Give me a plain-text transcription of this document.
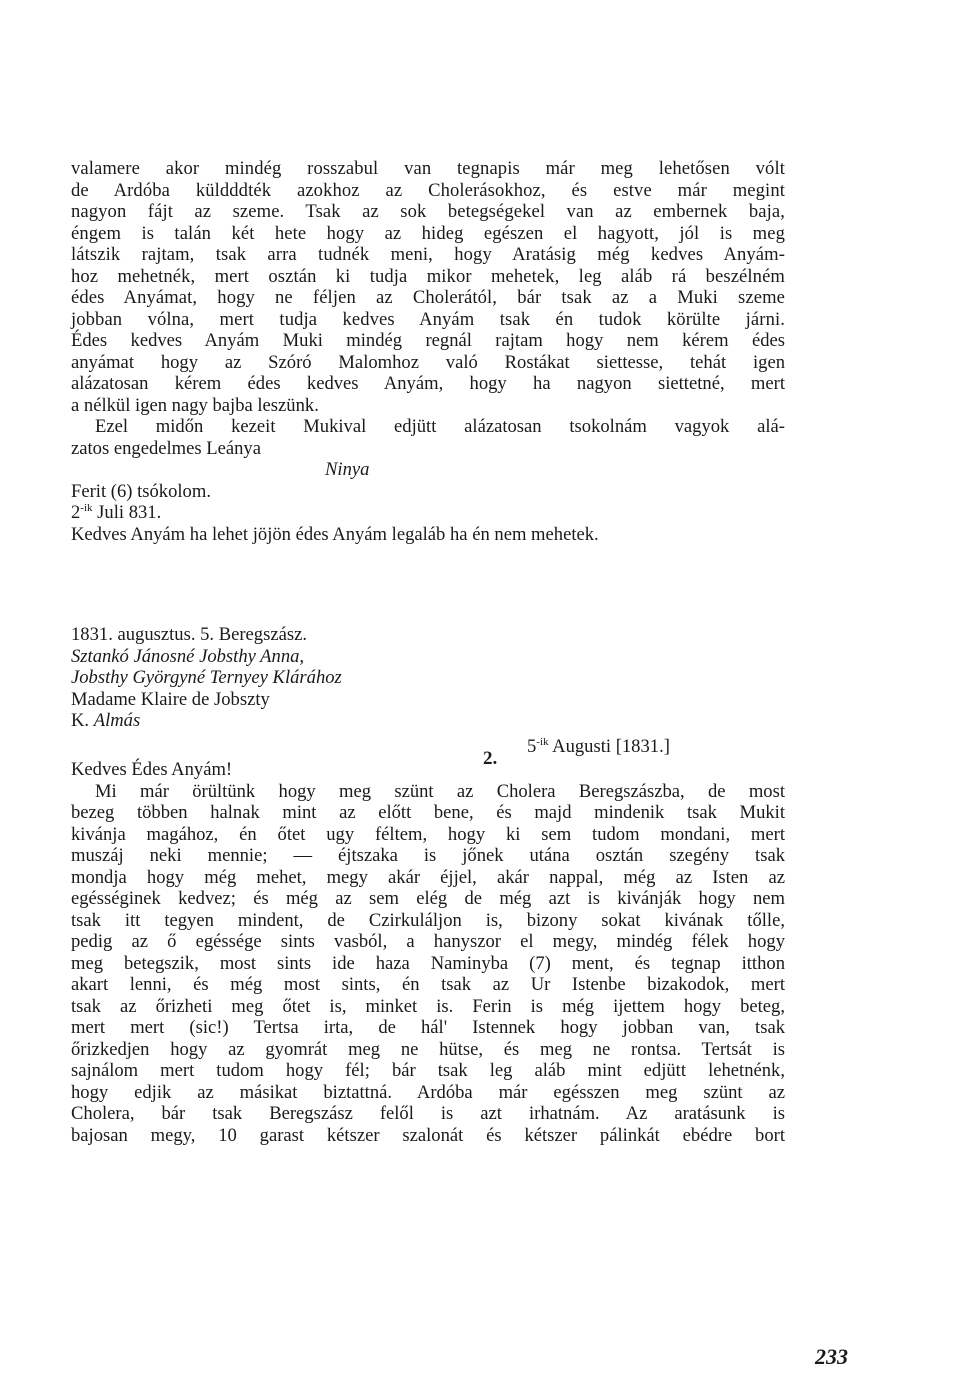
valamere akor mindég rosszabul van tegnapis már meg lehetősen vólt
de Ardóba küldddték azokhoz az Cholerásokhoz, és estve már megint
nagyon fájt az szeme. Tsak az sok betegségekel van az embernek baja,
éngem is talán két hete hogy az hideg egészen el hagyott, jól is meg
látszik rajtam, tsak arra tudnék meni, hogy Aratásig még kedves Anyám-
hoz mehetnék, mert osztán ki tudja mikor mehetek, leg aláb rá beszélném
édes Anyámat, hogy ne féljen az Cholerától, bár tsak az a Muki szeme
jobban vólna, mert tudja kedves Anyám tsak én tudok körülte járni.
Édes kedves Anyám Muki mindég regnál rajtam hogy nem kérem édes
anyámat hogy az Szóró Malomhoz való Rostákat siettesse, tehát igen
alázatosan kérem édes kedves Anyám, hogy ha nagyon siettetné, mert
a nélkül igen nagy bajba leszünk.
Ezel midőn kezeit Mukival edjütt alázatosan tsokolnám vagyok alá-
zatos engedelmes Leánya
Ninya
Ferit (6) tsókolom.
$2^{-ik}$ Juli 831.
Kedves Anyám ha lehet jöjön édes Anyám legaláb ha én nem mehetek.
2.
1831. augusztus. 5. Beregszász.
Sztankó Jánosné Jobsthy Anna,
Jobsthy Györgyné Ternyey Klárához
Madame Klaire de Jobszty
K. Almás
$5^{-ik}$ Augusti [1831.]
Kedves Édes Anyám!
Mi már örültünk hogy meg szünt az Cholera Beregszászba, de most
bezeg többen halnak mint az előtt bene, és majd mindenik tsak Mukit
kivánja magához, én őtet ugy féltem, hogy ki sem tudom mondani, mert
muszáj neki mennie; — éjtszaka is jőnek utána osztán szegény tsak
mondja hogy még mehet, megy akár éjjel, akár nappal, még az Isten az
egésséginek kedvez; és még az sem elég de még azt is kivánják hogy nem
tsak itt tegyen mindent, de Czirkuláljon is, bizony sokat kivának tőlle,
pedig az ő egéssége sints vasból, a hanyszor el megy, mindég félek hogy
meg betegszik, most sints ide haza Naminyba (7) ment, és tegnap itthon
akart lenni, és még most sints, én tsak az Ur Istenbe bizakodok, mert
tsak az őrizheti meg őtet is, minket is. Ferin is még ijettem hogy beteg,
mert mert (sic!) Tertsa irta, de hál' Istennek hogy jobban van, tsak
őrizkedjen hogy az gyomrát meg ne hütse, és meg ne rontsa. Tertsát is
sajnálom mert tudom hogy fél; bár tsak leg aláb mint edjütt lehetnénk,
hogy edjik az másikat biztattná. Ardóba már egésszen meg szünt az
Cholera, bár tsak Beregszász felől is azt irhatnám. Az aratásunk is
bajosan megy, 10 garast kétszer szalonát és kétszer pálinkát ebédre bort
233
